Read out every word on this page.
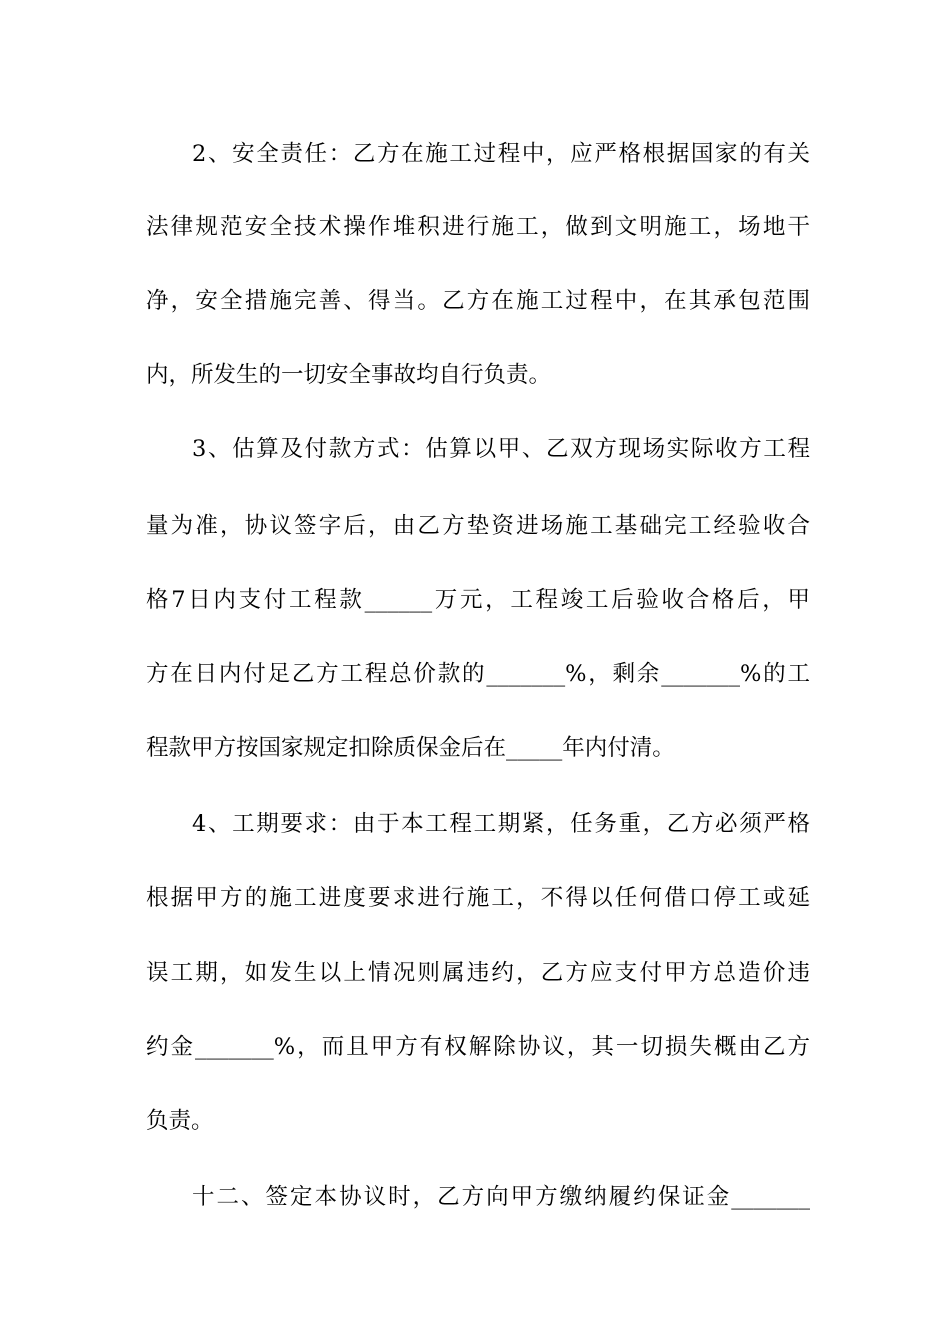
2、安全责任：乙方在施工过程中，应严格根据国家的有关
法律规范安全技术操作堆积进行施工，做到文明施工，场地干
净，安全措施完善、得当。乙方在施工过程中，在其承包范围
内，所发生的一切安全事故均自行负责。
3、估算及付款方式：估算以甲、乙双方现场实际收方工程
量为准，协议签字后，由乙方垫资进场施工基础完工经验收合
格7日内支付工程款______万元，工程竣工后验收合格后，甲
方在日内付足乙方工程总价款的_______%，剩余_______%的工
程款甲方按国家规定扣除质保金后在_____年内付清。
4、工期要求：由于本工程工期紧，任务重，乙方必须严格
根据甲方的施工进度要求进行施工，不得以任何借口停工或延
误工期，如发生以上情况则属违约，乙方应支付甲方总造价违
约金_______%，而且甲方有权解除协议，其一切损失概由乙方
负责。
十二、签定本协议时，乙方向甲方缴纳履约保证金_______
